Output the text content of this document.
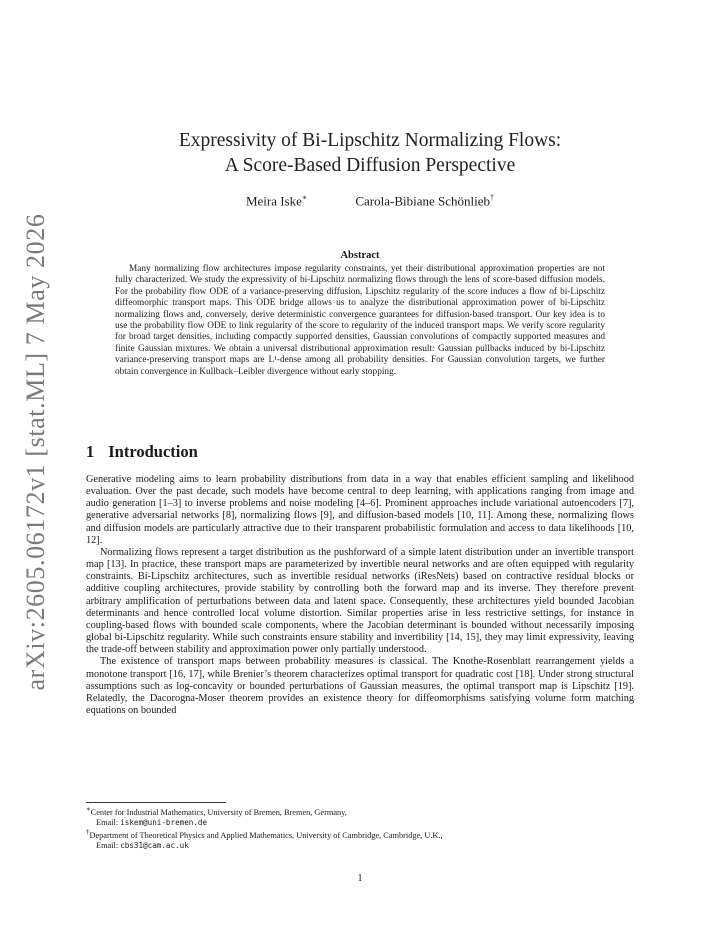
arXiv:2605.06172v1 [stat.ML] 7 May 2026
Expressivity of Bi-Lipschitz Normalizing Flows:
A Score-Based Diffusion Perspective
Meira Iske∗	Carola-Bibiane Schönlieb†
Abstract

Many normalizing flow architectures impose regularity constraints, yet their distributional approximation properties are not fully characterized. We study the expressivity of bi-Lipschitz normalizing flows through the lens of score-based diffusion models. For the probability flow ODE of a variance-preserving diffusion, Lipschitz regularity of the score induces a flow of bi-Lipschitz diffeomorphic transport maps. This ODE bridge allows us to analyze the distributional approximation power of bi-Lipschitz normalizing flows and, conversely, derive deterministic convergence guarantees for diffusion-based transport. Our key idea is to use the probability flow ODE to link regularity of the score to regularity of the induced transport maps. We verify score regularity for broad target densities, including compactly supported densities, Gaussian convolutions of compactly supported measures and finite Gaussian mixtures. We obtain a universal distributional approximation result: Gaussian pullbacks induced by bi-Lipschitz variance-preserving transport maps are L¹-dense among all probability densities. For Gaussian convolution targets, we further obtain convergence in Kullback–Leibler divergence without early stopping.

1 Introduction

Generative modeling aims to learn probability distributions from data in a way that enables efficient sampling and likelihood evaluation. Over the past decade, such models have become central to deep learning, with applications ranging from image and audio generation [1–3] to inverse problems and noise modeling [4–6]. Prominent approaches include variational autoencoders [7], generative adversarial networks [8], normalizing flows [9], and diffusion-based models [10, 11]. Among these, normalizing flows and diffusion models are particularly attractive due to their transparent probabilistic formulation and access to data likelihoods [10, 12].

Normalizing flows represent a target distribution as the pushforward of a simple latent distribution under an invertible transport map [13]. In practice, these transport maps are parameterized by invertible neural networks and are often equipped with regularity constraints. Bi-Lipschitz architectures, such as invertible residual networks (iResNets) based on contractive residual blocks or additive coupling architectures, provide stability by controlling both the forward map and its inverse. They therefore prevent arbitrary amplification of perturbations between data and latent space. Consequently, these architectures yield bounded Jacobian determinants and hence controlled local volume distortion. Similar properties arise in less restrictive settings, for instance in coupling-based flows with bounded scale components, where the Jacobian determinant is bounded without necessarily imposing global bi-Lipschitz regularity. While such constraints ensure stability and invertibility [14, 15], they may limit expressivity, leaving the trade-off between stability and approximation power only partially understood.

The existence of transport maps between probability measures is classical. The Knothe-Rosenblatt rearrangement yields a monotone transport [16, 17], while Brenier’s theorem characterizes optimal transport for quadratic cost [18]. Under strong structural assumptions such as log-concavity or bounded perturbations of Gaussian measures, the optimal transport map is Lipschitz [19]. Relatedly, the Dacorogna-Moser theorem provides an existence theory for diffeomorphisms satisfying volume form matching equations on bounded

∗Center for Industrial Mathematics, University of Bremen, Bremen, Germany,
Email: iskem@uni-bremen.de
†Department of Theoretical Physics and Applied Mathematics, University of Cambridge, Cambridge, U.K.,
Email: cbs31@cam.ac.uk
1
